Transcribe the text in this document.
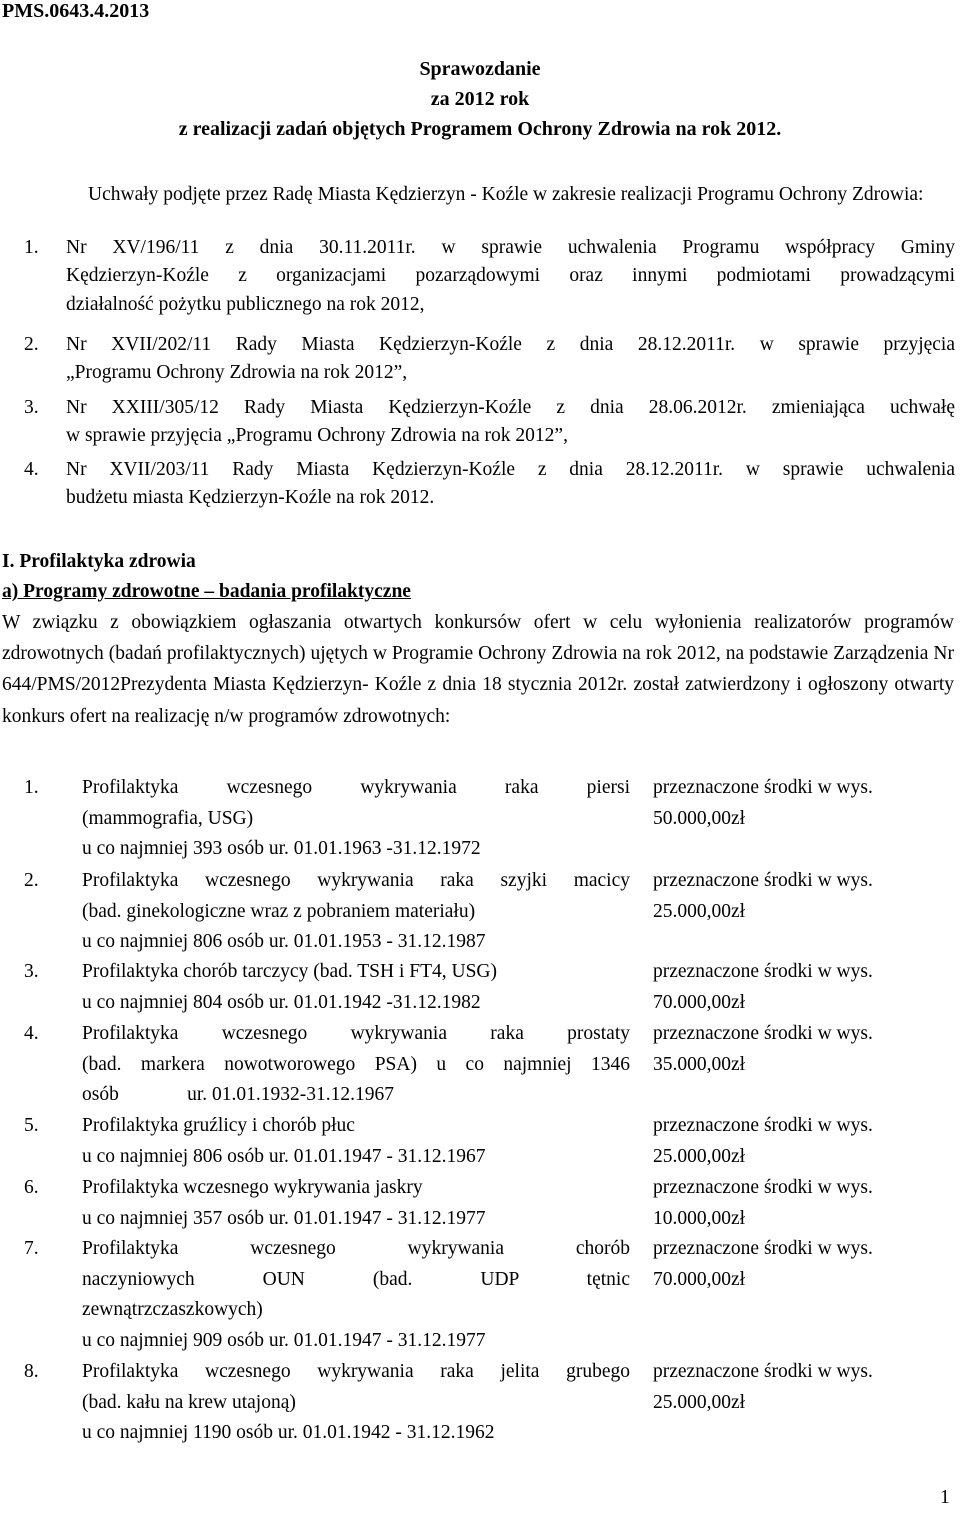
PMS.0643.4.2013
Sprawozdanie
za 2012 rok
z realizacji zadań objętych Programem Ochrony Zdrowia na rok 2012.
Uchwały podjęte przez Radę Miasta Kędzierzyn - Koźle w zakresie realizacji Programu Ochrony Zdrowia:
1. Nr XV/196/11 z dnia 30.11.2011r. w sprawie uchwalenia Programu współpracy Gminy
Kędzierzyn-Koźle z organizacjami pozarządowymi oraz innymi podmiotami prowadzącymi
działalność pożytku publicznego na rok 2012,
2. Nr XVII/202/11 Rady Miasta Kędzierzyn-Koźle z dnia 28.12.2011r. w sprawie przyjęcia
„Programu Ochrony Zdrowia na rok 2012”,
3. Nr XXIII/305/12 Rady Miasta Kędzierzyn-Koźle z dnia 28.06.2012r. zmieniająca uchwałę
w sprawie przyjęcia „Programu Ochrony Zdrowia na rok 2012”,
4. Nr XVII/203/11 Rady Miasta Kędzierzyn-Koźle z dnia 28.12.2011r. w sprawie uchwalenia
budżetu miasta Kędzierzyn-Koźle na rok 2012.
I. Profilaktyka zdrowia
a) Programy zdrowotne – badania profilaktyczne
W związku z obowiązkiem ogłaszania otwartych konkursów ofert w celu wyłonienia realizatorów programów zdrowotnych (badań profilaktycznych) ujętych w Programie Ochrony Zdrowia na rok 2012, na podstawie Zarządzenia Nr 644/PMS/2012Prezydenta Miasta Kędzierzyn- Koźle z dnia 18 stycznia 2012r. został zatwierdzony i ogłoszony otwarty konkurs ofert na realizację n/w programów zdrowotnych:
1. Profilaktyka wczesnego wykrywania raka piersi
(mammografia, USG)
u co najmniej 393 osób ur. 01.01.1963 -31.12.1972
przeznaczone środki w wys.
50.000,00zł
2. Profilaktyka wczesnego wykrywania raka szyjki macicy
(bad. ginekologiczne wraz z pobraniem materiału)
u co najmniej 806 osób ur. 01.01.1953 - 31.12.1987
przeznaczone środki w wys.
25.000,00zł
3. Profilaktyka chorób tarczycy (bad. TSH i FT4, USG)
u co najmniej 804 osób ur. 01.01.1942 -31.12.1982
przeznaczone środki w wys.
70.000,00zł
4. Profilaktyka wczesnego wykrywania raka prostaty
(bad. markera nowotworowego PSA) u co najmniej 1346
osób              ur. 01.01.1932-31.12.1967
przeznaczone środki w wys.
35.000,00zł
5. Profilaktyka gruźlicy i chorób płuc
u co najmniej 806 osób ur. 01.01.1947 - 31.12.1967
przeznaczone środki w wys.
25.000,00zł
6. Profilaktyka wczesnego wykrywania jaskry
u co najmniej 357 osób ur. 01.01.1947 - 31.12.1977
przeznaczone środki w wys.
10.000,00zł
7. Profilaktyka wczesnego wykrywania chorób
naczyniowych OUN (bad. UDP tętnic
zewnątrzczaszkowych)
u co najmniej 909 osób ur. 01.01.1947 - 31.12.1977
przeznaczone środki w wys.
70.000,00zł
8. Profilaktyka wczesnego wykrywania raka jelita grubego
(bad. kału na krew utajoną)
u co najmniej 1190 osób ur. 01.01.1942 - 31.12.1962
przeznaczone środki w wys.
25.000,00zł
1
